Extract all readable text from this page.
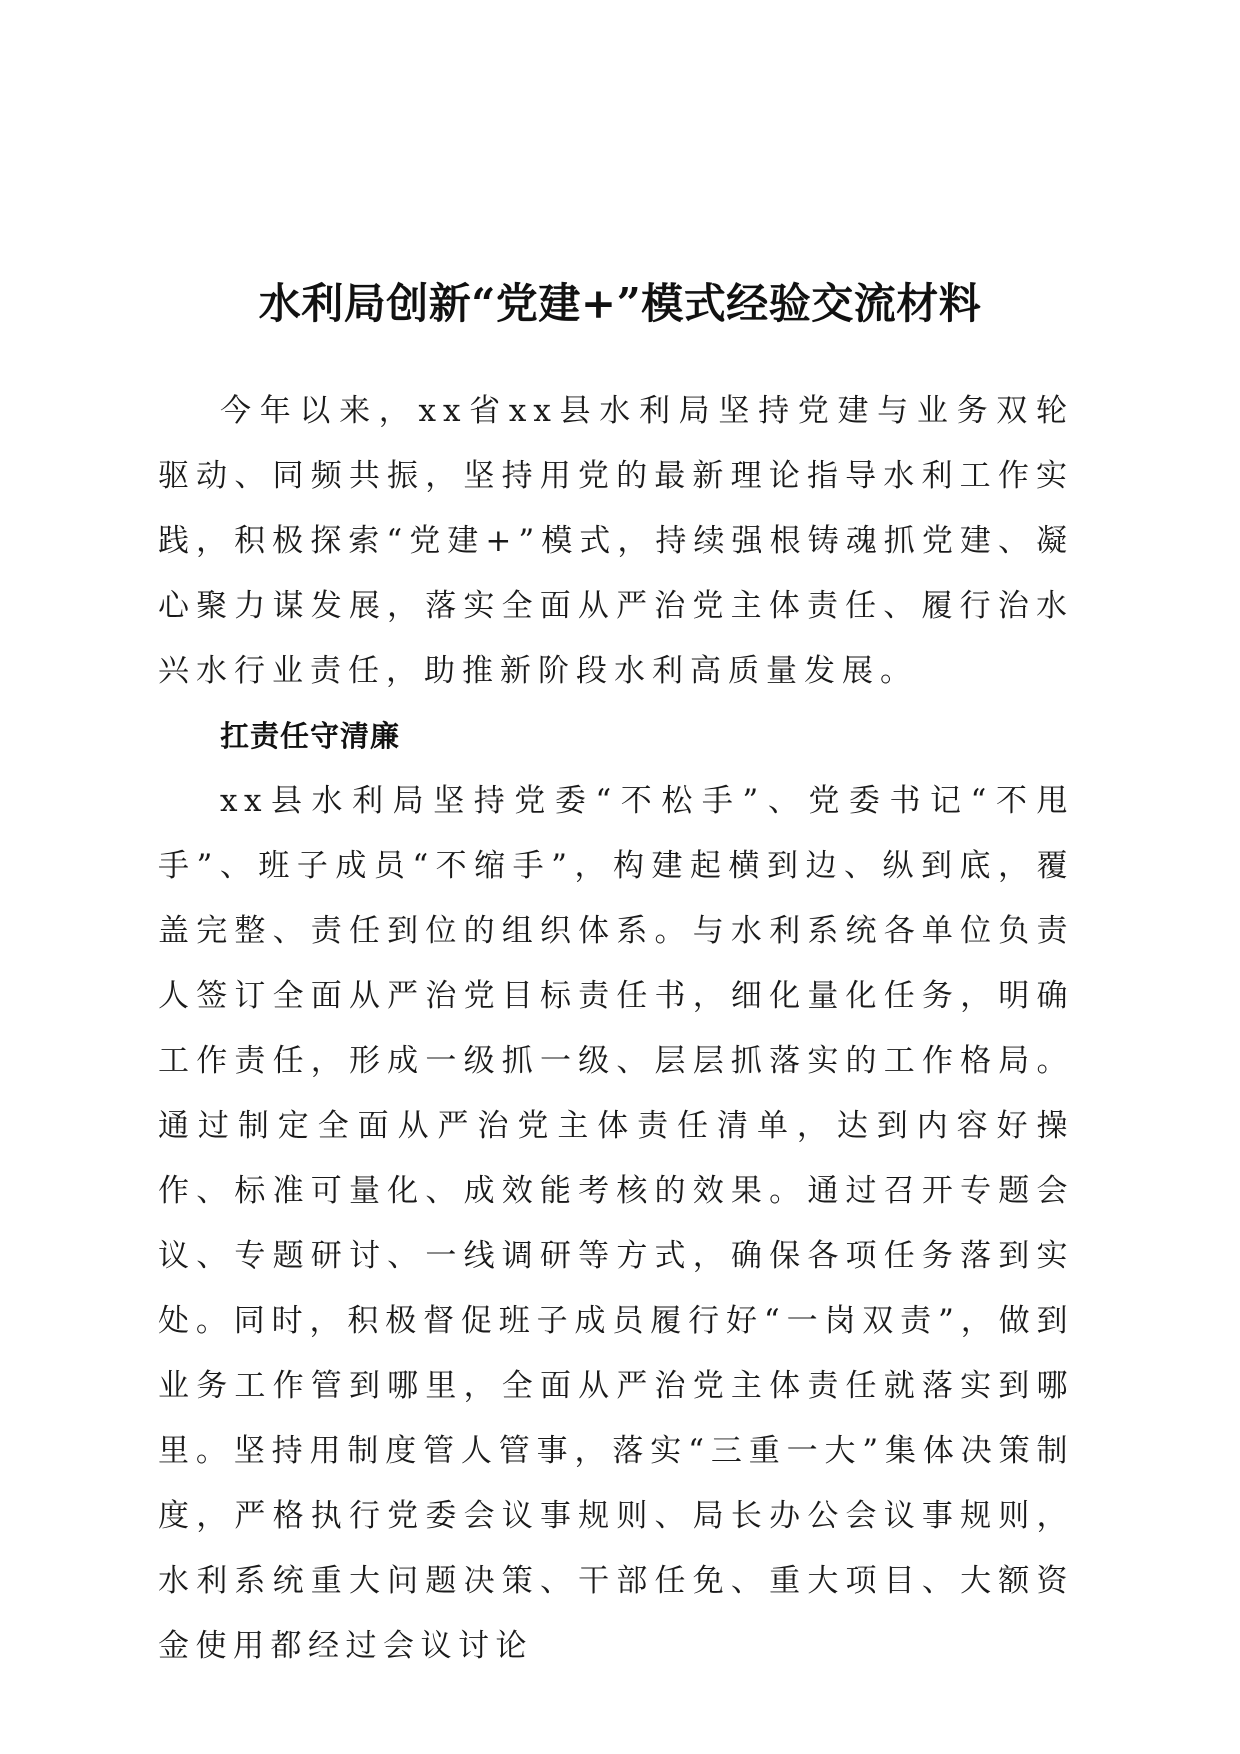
水利局创新“党建+”模式经验交流材料

今年以来，xx省xx县水利局坚持党建与业务双轮驱动、同频共振，坚持用党的最新理论指导水利工作实践，积极探索“党建+”模式，持续强根铸魂抓党建、凝心聚力谋发展，落实全面从严治党主体责任、履行治水兴水行业责任，助推新阶段水利高质量发展。

扛责任守清廉

xx县水利局坚持党委“不松手”、党委书记“不甩手”、班子成员“不缩手”，构建起横到边、纵到底，覆盖完整、责任到位的组织体系。与水利系统各单位负责人签订全面从严治党目标责任书，细化量化任务，明确工作责任，形成一级抓一级、层层抓落实的工作格局。通过制定全面从严治党主体责任清单，达到内容好操作、标准可量化、成效能考核的效果。通过召开专题会议、专题研讨、一线调研等方式，确保各项任务落到实处。同时，积极督促班子成员履行好“一岗双责”，做到业务工作管到哪里，全面从严治党主体责任就落实到哪里。坚持用制度管人管事，落实“三重一大”集体决策制度，严格执行党委会议事规则、局长办公会议事规则，水利系统重大问题决策、干部任免、重大项目、大额资金使用都经过会议讨论
